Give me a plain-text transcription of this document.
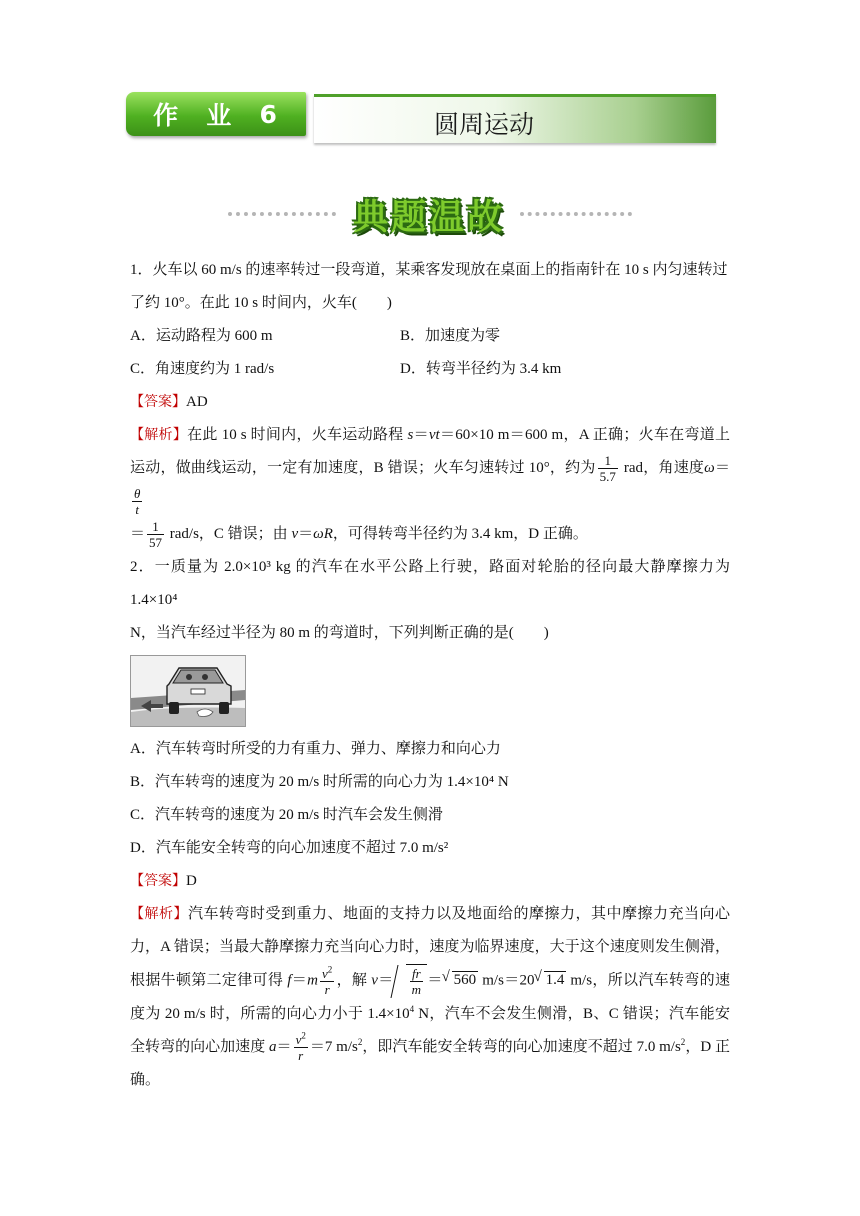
作 业 6	圆周运动
典题温故

1．火车以 60 m/s 的速率转过一段弯道，某乘客发现放在桌面上的指南针在 10 s 内匀速转过

了约 10°。在此 10 s 时间内，火车(　　)

A．运动路程为 600 m	B．加速度为零
C．角速度约为 1 rad/s	D．转弯半径约为 3.4 km

【答案】AD

【解析】在此 10 s 时间内，火车运动路程 s＝vt＝60×10 m＝600 m，A 正确；火车在弯道上运动，做曲线运动，一定有加速度，B 错误；火车匀速转过 10°，约为 $\frac{1}{5.7}$ rad，角速度ω＝
$\frac{\theta}{t}$

＝ $\frac{1}{57} rad/s$，C 错误；由 v＝ωR，可得转弯半径约为 3.4 km，D 正确。

2．一质量为 2.0×10³ kg 的汽车在水平公路上行驶，路面对轮胎的径向最大静摩擦力为 1.4×10⁴

N，当汽车经过半径为 80 m 的弯道时，下列判断正确的是(　　)

A．汽车转弯时所受的力有重力、弹力、摩擦力和向心力

B．汽车转弯的速度为 20 m/s 时所需的向心力为 1.4×10⁴ N

C．汽车转弯的速度为 20 m/s 时汽车会发生侧滑

D．汽车能安全转弯的向心加速度不超过 7.0 m/s²

【答案】D

【解析】汽车转弯时受到重力、地面的支持力以及地面给的摩擦力，其中摩擦力充当向心力，A 错误；当最大静摩擦力充当向心力时，速度为临界速度，大于这个速度则发生侧滑，根据牛顿第二定律可得 $f=m \frac{v^2}{r}$ ，解 $v= \frac{fr}{m}$ ＝ √ 560 m/s＝20 √ 1.4 m/s，所以汽车转弯的速度为 20 m/s 时，所需的向心力小于 $1.4\times 10^4$ N，汽车不会发生侧滑，B、C 错误；汽车能安全转弯的向心加速度 $a= \frac{v^2}{r} =7$ $m/s^2$，即汽车能安全转弯的向心加速度不超过 7.0 $m/s^2$，D 正确。
